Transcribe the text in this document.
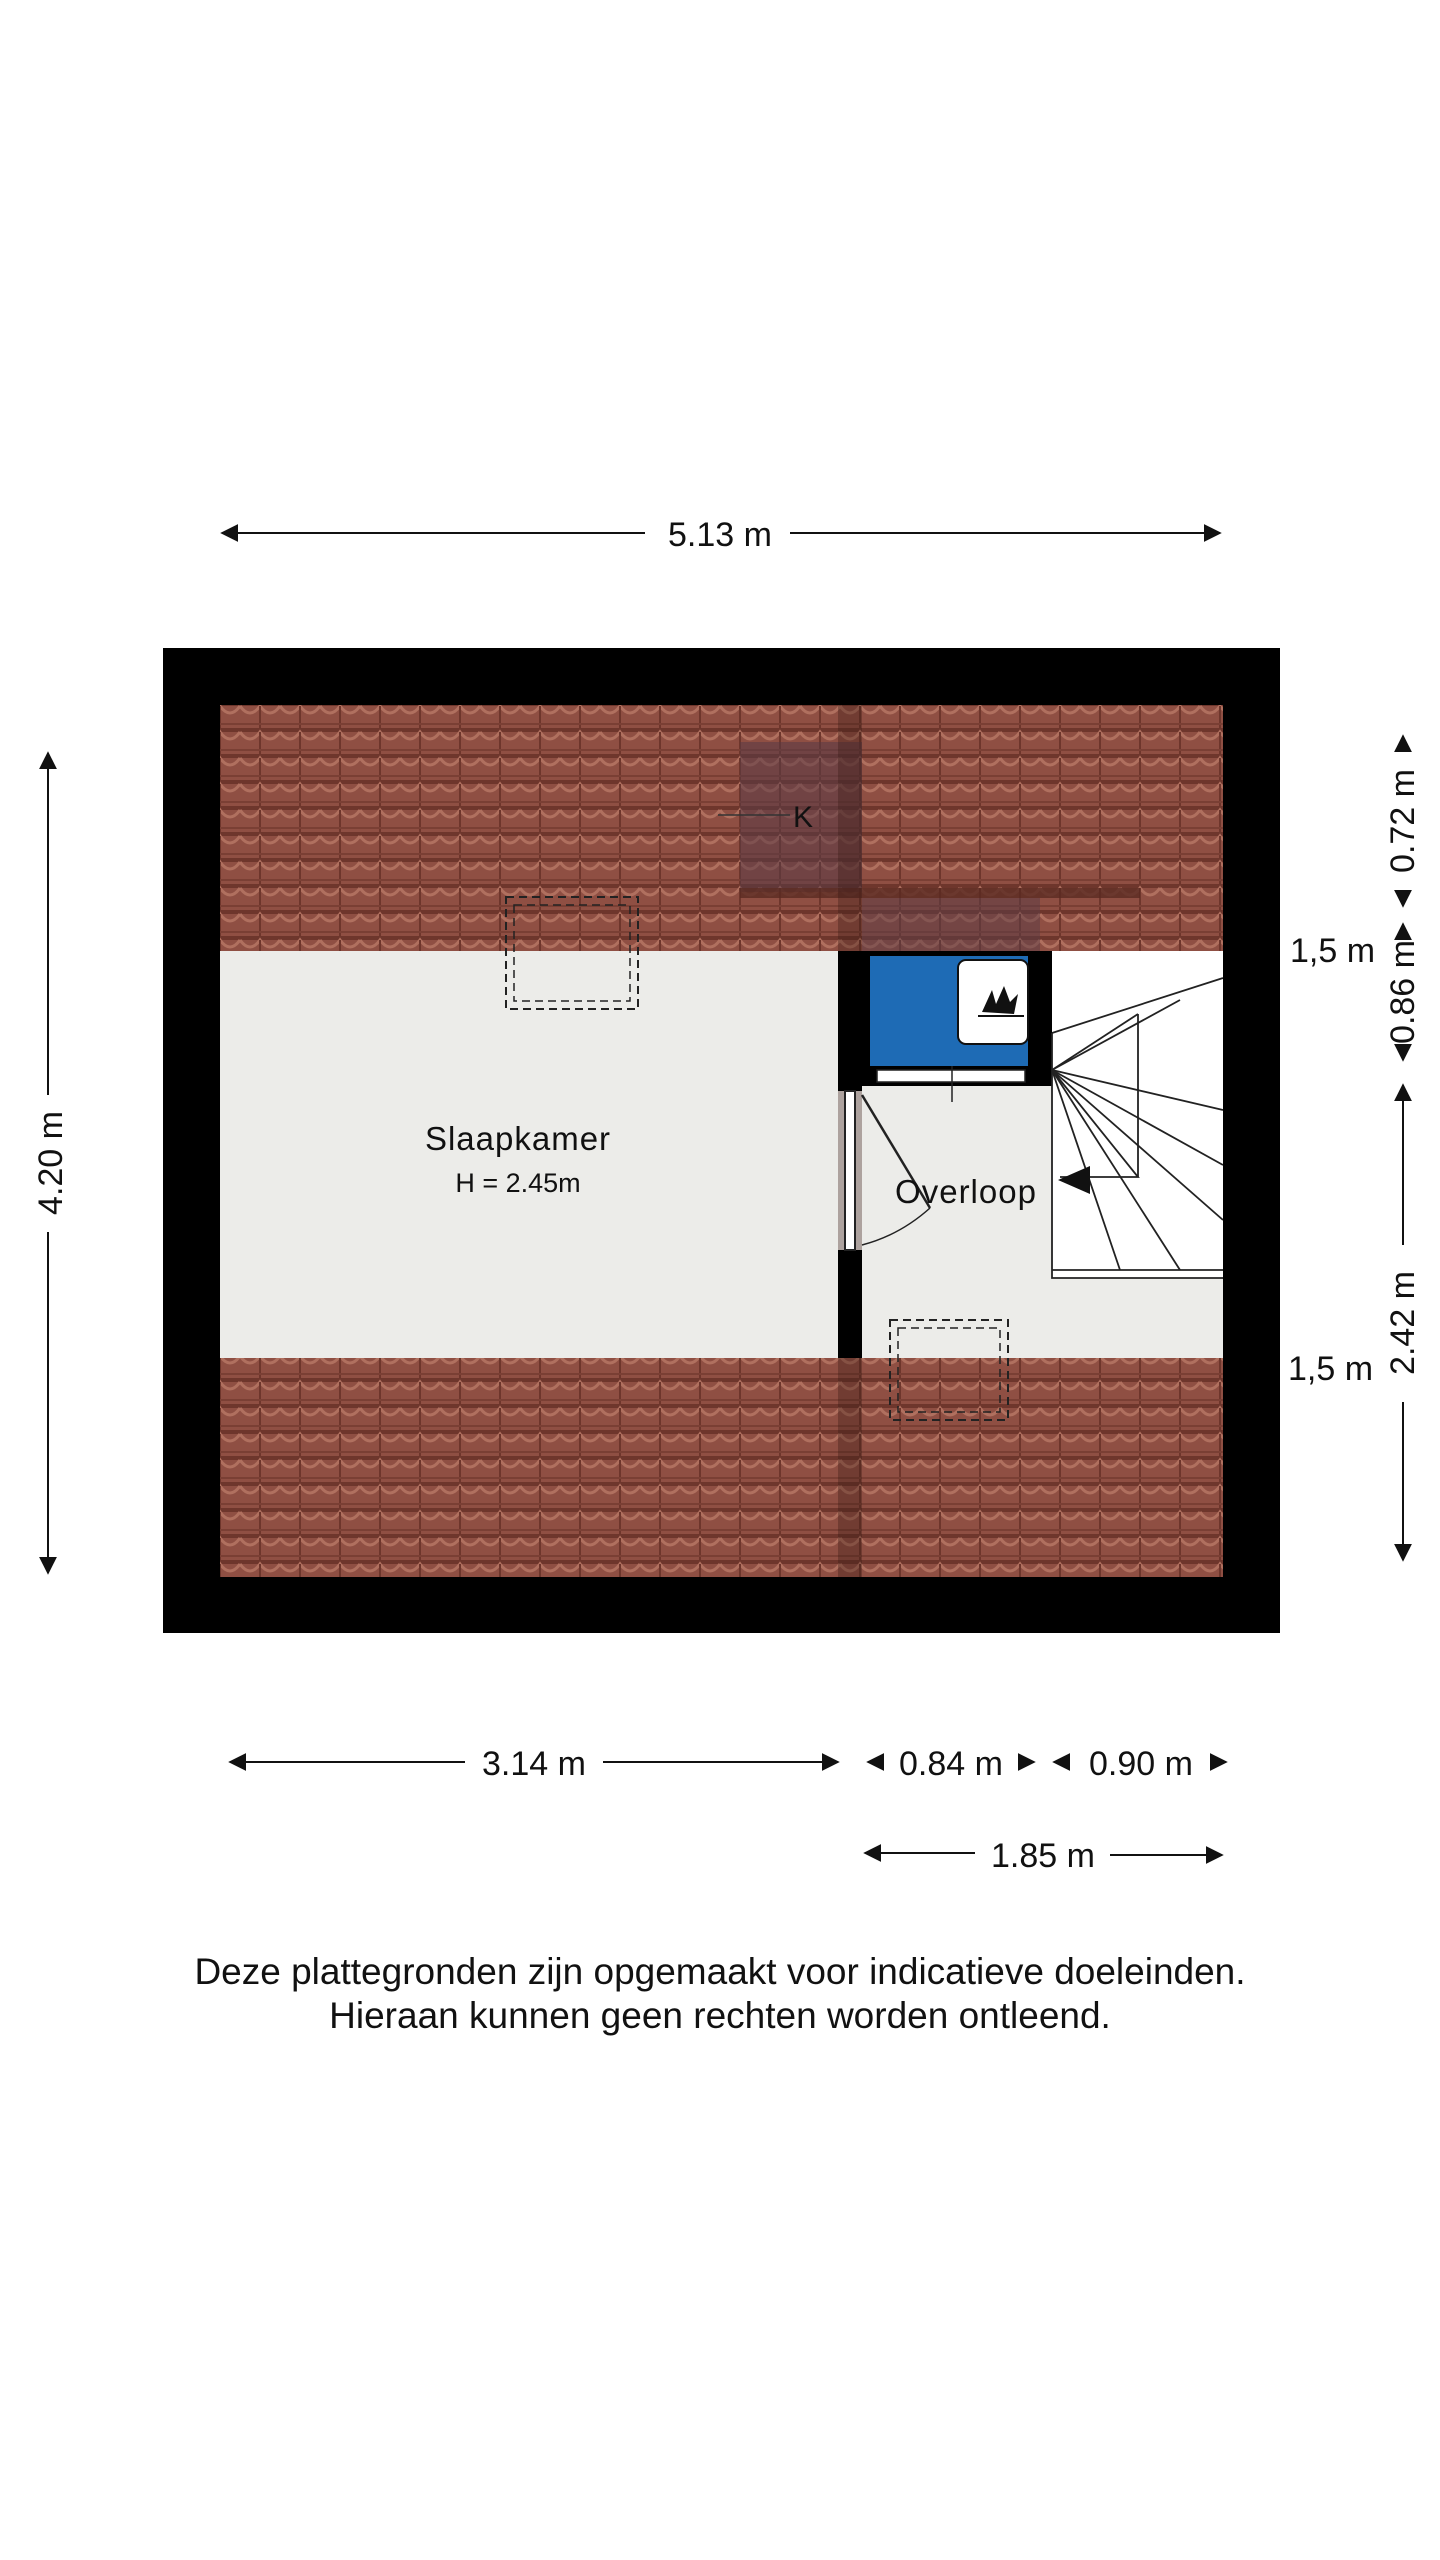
K
Slaapkamer
H = 2.45m	Overloop
5.13 m
4.20 m
0.72 m
0.86 m
2.42 m
1,5 m
1,5 m
3.14 m	0.84 m	0.90 m
1.85 m
Deze plattegronden zijn opgemaakt voor indicatieve doeleinden.
Hieraan kunnen geen rechten worden ontleend.
